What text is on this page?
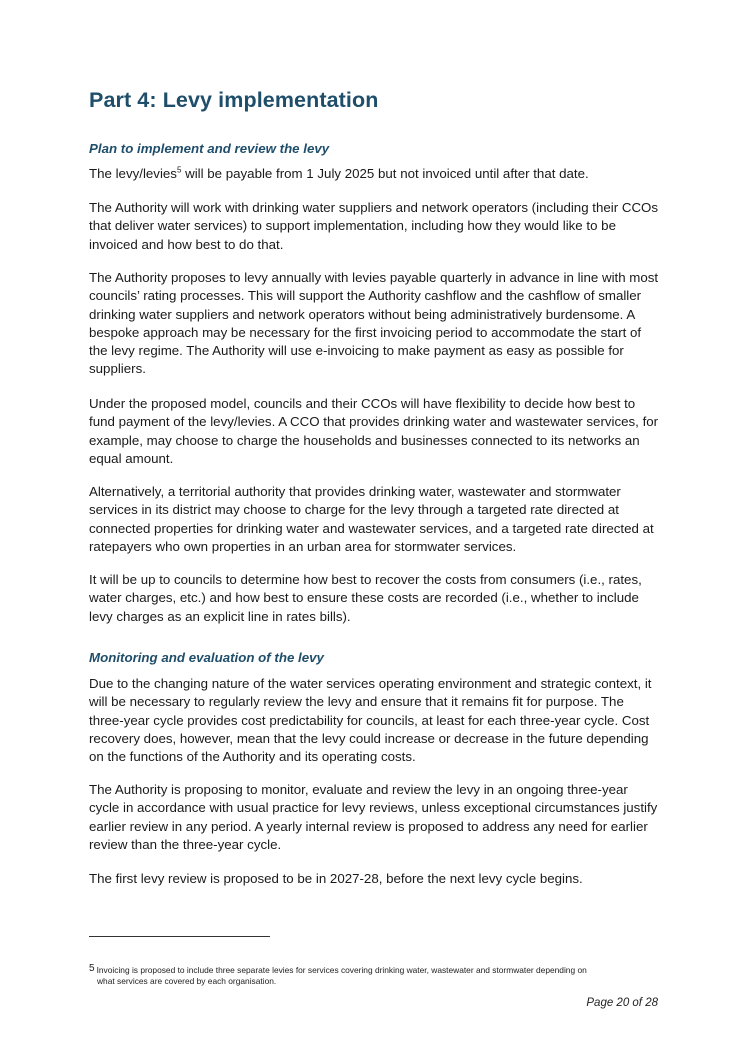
Part 4: Levy implementation
Plan to implement and review the levy

The levy/levies$^5$ will be payable from 1 July 2025 but not invoiced until after that date.

The Authority will work with drinking water suppliers and network operators (including their CCOs that deliver water services) to support implementation, including how they would like to be invoiced and how best to do that.

The Authority proposes to levy annually with levies payable quarterly in advance in line with most councils’ rating processes. This will support the Authority cashflow and the cashflow of smaller drinking water suppliers and network operators without being administratively burdensome. A bespoke approach may be necessary for the first invoicing period to accommodate the start of the levy regime. The Authority will use e-invoicing to make payment as easy as possible for suppliers.

Under the proposed model, councils and their CCOs will have flexibility to decide how best to fund payment of the levy/levies. A CCO that provides drinking water and wastewater services, for example, may choose to charge the households and businesses connected to its networks an equal amount.

Alternatively, a territorial authority that provides drinking water, wastewater and stormwater services in its district may choose to charge for the levy through a targeted rate directed at connected properties for drinking water and wastewater services, and a targeted rate directed at ratepayers who own properties in an urban area for stormwater services.

It will be up to councils to determine how best to recover the costs from consumers (i.e., rates, water charges, etc.) and how best to ensure these costs are recorded (i.e., whether to include levy charges as an explicit line in rates bills).

Monitoring and evaluation of the levy

Due to the changing nature of the water services operating environment and strategic context, it will be necessary to regularly review the levy and ensure that it remains fit for purpose. The three-year cycle provides cost predictability for councils, at least for each three-year cycle. Cost recovery does, however, mean that the levy could increase or decrease in the future depending on the functions of the Authority and its operating costs.

The Authority is proposing to monitor, evaluate and review the levy in an ongoing three-year cycle in accordance with usual practice for levy reviews, unless exceptional circumstances justify earlier review in any period. A yearly internal review is proposed to address any need for earlier review than the three-year cycle.

The first levy review is proposed to be in 2027-28, before the next levy cycle begins.

5 Invoicing is proposed to include three separate levies for services covering drinking water, wastewater and stormwater depending on
what services are covered by each organisation.
Page 20 of 28
